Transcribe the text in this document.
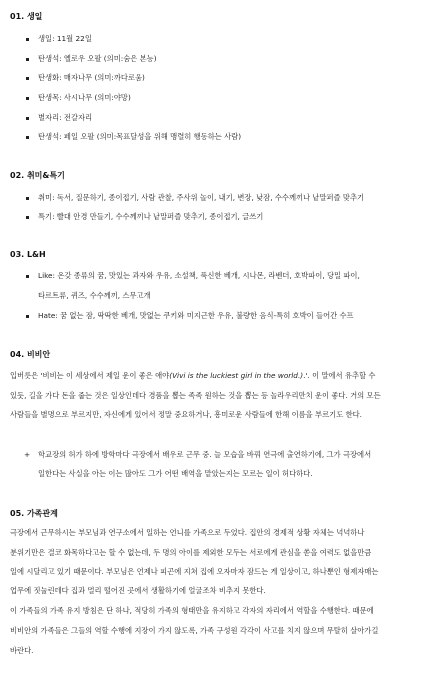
01. 생일
생일: 11월 22일
탄생석: 옐로우 오팔 (의미:숨은 본능)
탄생화: 매자나무 (의미:까다로움)
탄생목: 사시나무 (의미:야망)
별자리: 전갈자리
탄생석: 페일 오팔 (의미:목표달성을 위해 맹렬히 행동하는 사람)
02. 취미&특기
취미: 독서, 질문하기, 종이접기, 사람 관찰, 주사위 놀이, 내기, 변장, 낮잠, 수수께끼나 낱말퍼즐 맞추기
특기: 빨대 안경 만들기, 수수께끼나 낱말퍼즐 맞추기, 종이접기, 글쓰기
03. L&H
Like: 온갖 종류의 꿈, 맛있는 과자와 우유, 소설책, 푹신한 베개, 시나몬, 라벤더, 호박파이, 당밀 파이,
타르트류, 퀴즈, 수수께끼, 스무고개
Hate: 꿈 없는 잠, 딱딱한 베개, 맛없는 쿠키와 미지근한 우유, 불량한 음식-특히 호박이 들어간 수프
04. 비비안
입버릇은 '비비는 이 세상에서 제일 운이 좋은 애야(Vivi is the luckiest girl in the world.).'. 이 말에서 유추할 수
있듯, 길을 가다 돈을 줍는 것은 일상인데다 경품을 뽑는 족족 원하는 것을 뽑는 등 놀라우리만치 운이 좋다. 거의 모든
사람들을 별명으로 부르지만, 자신에게 있어서 정말 중요하거나, 흥미로운 사람들에 한해 이름을 부르기도 한다.
+ 학교장의 허가 하에 방학마다 극장에서 배우로 근무 중. 늘 모습을 바꿔 연극에 출연하기에, 그가 극장에서
일한다는 사실을 아는 이는 많아도 그가 어떤 배역을 맡았는지는 모르는 일이 허다하다.
05. 가족관계
극장에서 근무하시는 부모님과 연구소에서 일하는 언니를 가족으로 두었다. 집안의 경제적 상황 자체는 넉넉하나
분위기만은 결코 화목하다고는 할 수 없는데, 두 명의 아이를 제외한 모두는 서로에게 관심을 쏟을 여력도 없을만큼
일에 시달리고 있기 때문이다. 부모님은 언제나 피곤에 지쳐 집에 오자마자 잠드는 게 일상이고, 하나뿐인 형제자매는
업무에 짓눌린데다 집과 멀리 떨어진 곳에서 생활하기에 얼굴조차 비추지 못한다.
이 가족들의 가족 유지 방침은 단 하나, 적당히 가족의 형태만을 유지하고 각자의 자리에서 역할을 수행한다. 때문에
비비안의 가족들은 그들의 역할 수행에 지장이 가지 않도록, 가족 구성원 각각이 사고를 치지 않으며 무탈히 살아가길
바란다.
